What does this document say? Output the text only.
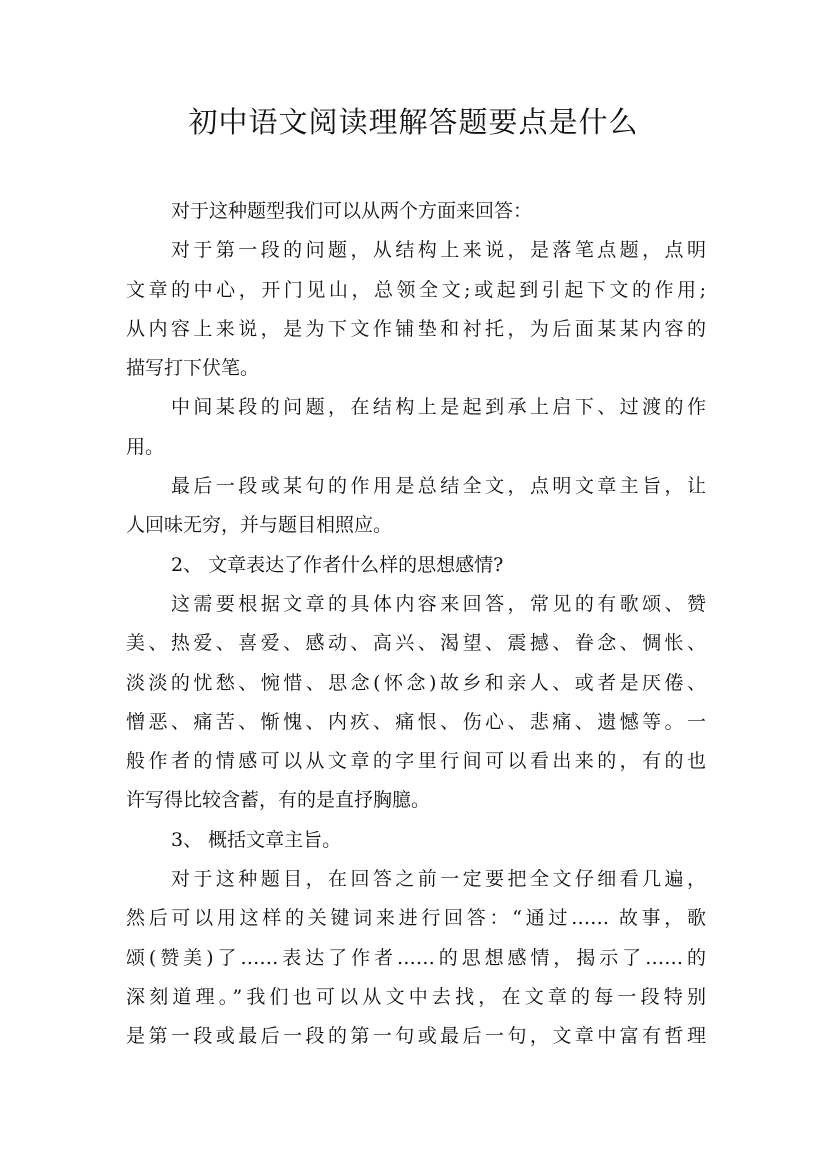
初中语文阅读理解答题要点是什么
对于这种题型我们可以从两个方面来回答：
对于第一段的问题，从结构上来说，是落笔点题，点明
文章的中心，开门见山，总领全文;或起到引起下文的作用;
从内容上来说，是为下文作铺垫和衬托，为后面某某内容的
描写打下伏笔。
中间某段的问题，在结构上是起到承上启下、过渡的作
用。
最后一段或某句的作用是总结全文，点明文章主旨，让
人回味无穷，并与题目相照应。
2、 文章表达了作者什么样的思想感情?
这需要根据文章的具体内容来回答，常见的有歌颂、赞
美、热爱、喜爱、感动、高兴、渴望、震撼、眷念、惆怅、
淡淡的忧愁、惋惜、思念(怀念)故乡和亲人、或者是厌倦、
憎恶、痛苦、惭愧、内疚、痛恨、伤心、悲痛、遗憾等。一
般作者的情感可以从文章的字里行间可以看出来的，有的也
许写得比较含蓄，有的是直抒胸臆。
3、 概括文章主旨。
对于这种题目，在回答之前一定要把全文仔细看几遍，
然后可以用这样的关键词来进行回答：“通过…… 故事，歌
颂(赞美)了……表达了作者……的思想感情，揭示了……的
深刻道理。”我们也可以从文中去找，在文章的每一段特别
是第一段或最后一段的第一句或最后一句，文章中富有哲理
